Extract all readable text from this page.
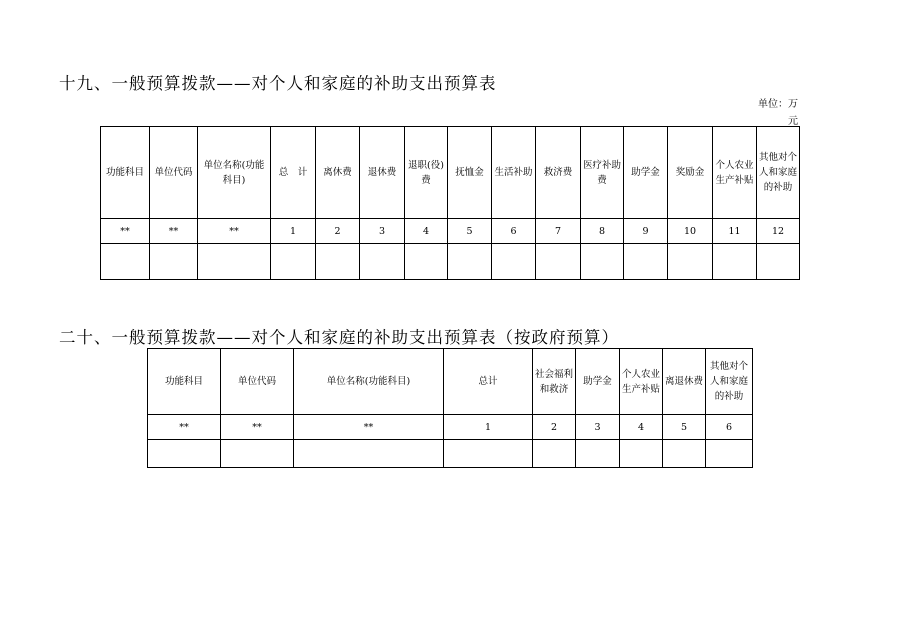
十九、一般预算拨款——对个人和家庭的补助支出预算表
单位：万
元
功能科目	单位代码	单位名称(功能科目)	总　计	离休费	退休费	退职(役)费	抚恤金	生活补助	救济费	医疗补助费	助学金	奖励金	个人农业生产补贴	其他对个人和家庭的补助
**	**	**	1	2	3	4	5	6	7	8	9	10	11	12

二十、一般预算拨款——对个人和家庭的补助支出预算表（按政府预算）
功能科目	单位代码	单位名称(功能科目)	总计	社会福利和救济	助学金	个人农业生产补贴	离退休费	其他对个人和家庭的补助
**	**	**	1	2	3	4	5	6
